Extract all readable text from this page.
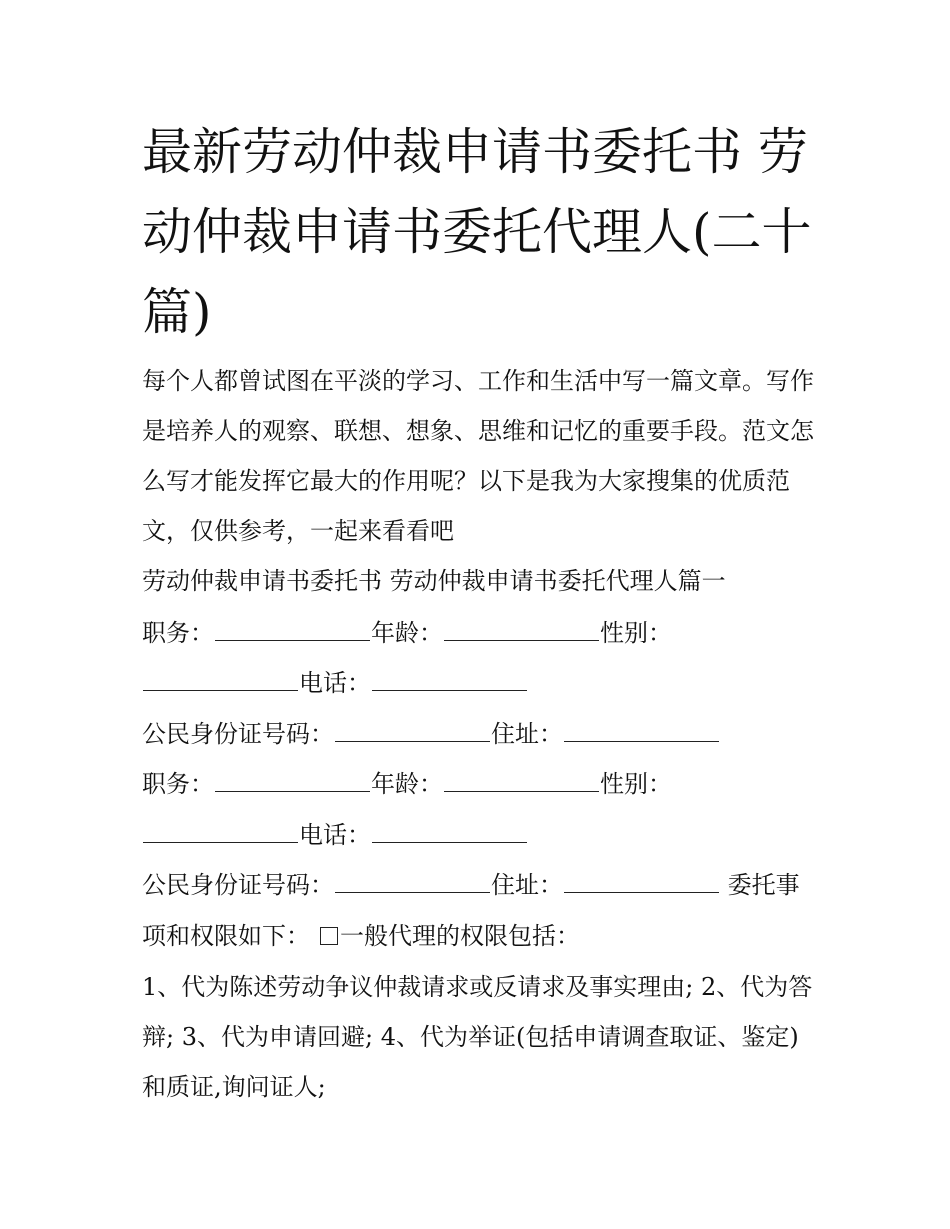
最新劳动仲裁申请书委托书 劳动仲裁申请书委托代理人(二十篇)

每个人都曾试图在平淡的学习、工作和生活中写一篇文章。写作是培养人的观察、联想、想象、思维和记忆的重要手段。范文怎么写才能发挥它最大的作用呢？以下是我为大家搜集的优质范文，仅供参考，一起来看看吧

劳动仲裁申请书委托书 劳动仲裁申请书委托代理人篇一
职务：	年龄：	性别：
电话：
公民身份证号码：	住址：
职务：	年龄：	性别：
电话：
公民身份证号码：	住址：	委托事
项和权限如下： 一般代理的权限包括：

1、代为陈述劳动争议仲裁请求或反请求及事实理由; 2、代为答辩; 3、代为申请回避; 4、代为举证(包括申请调查取证、鉴定)和质证,询问证人;
